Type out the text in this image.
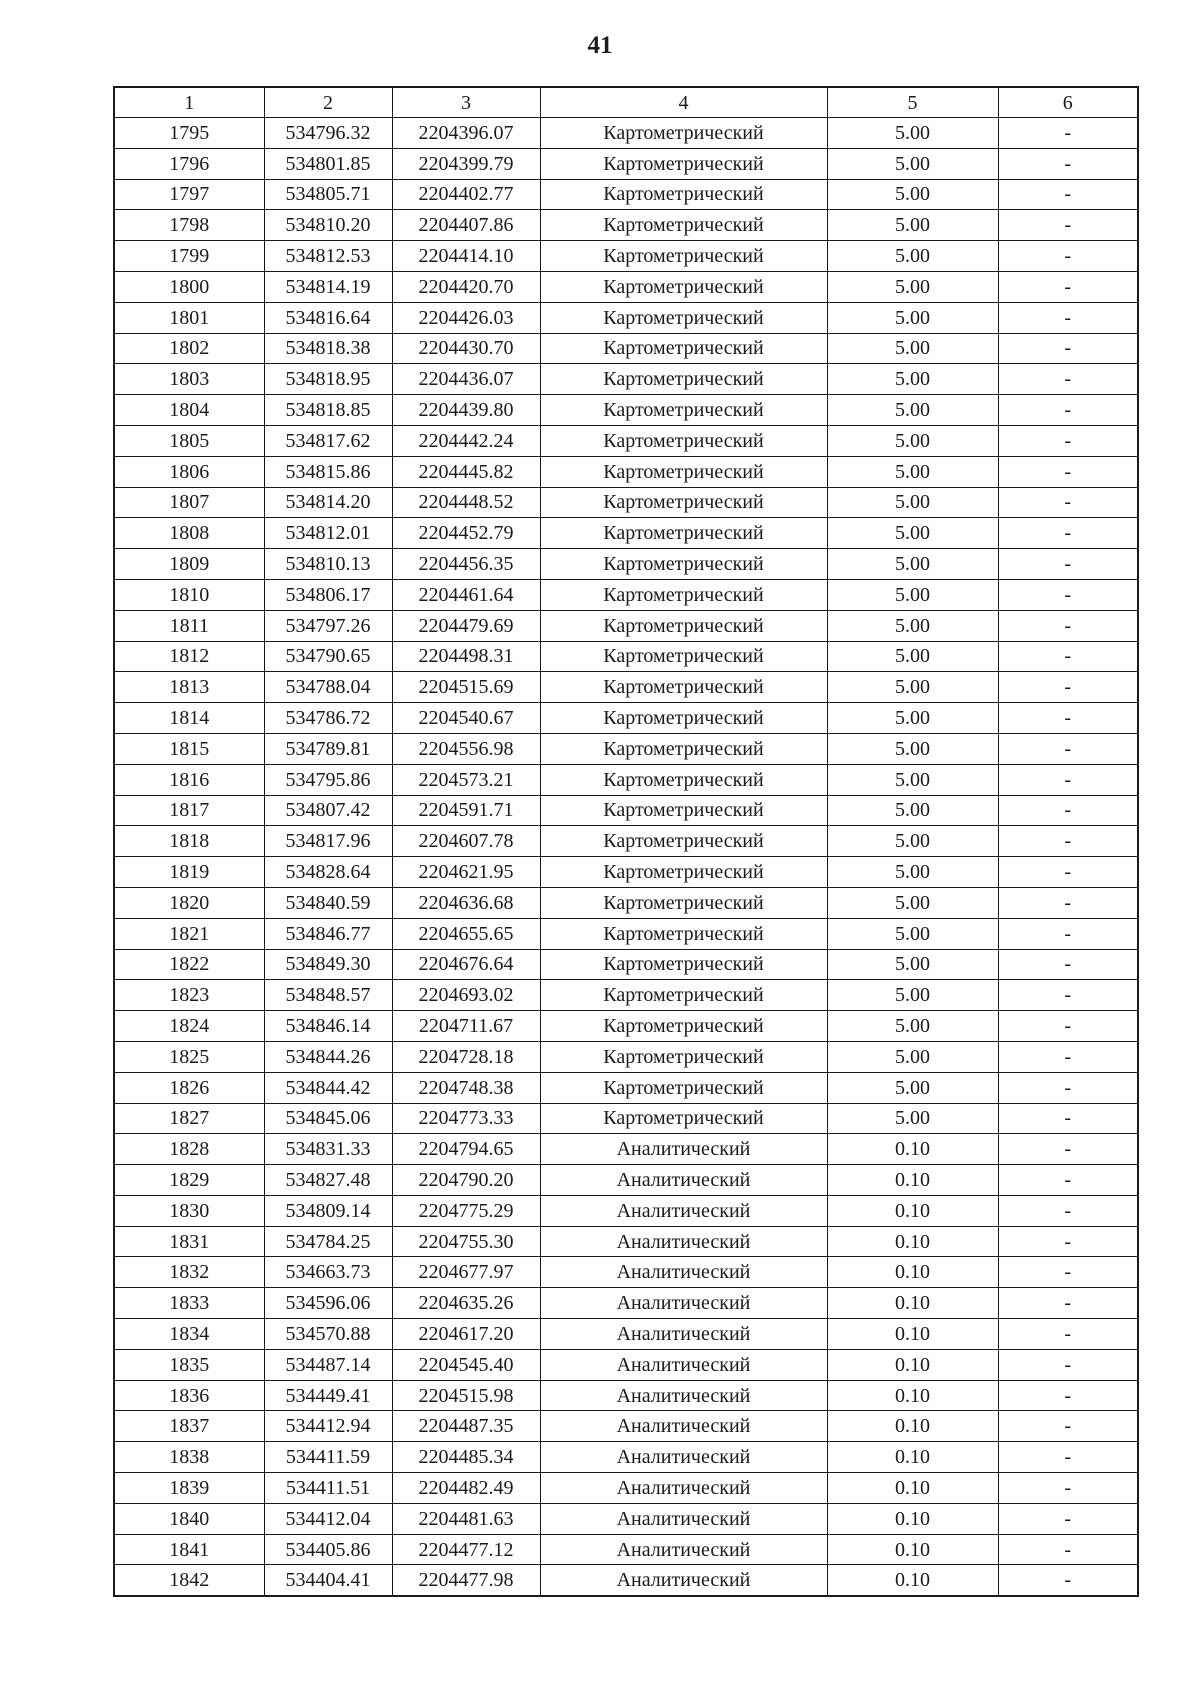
41
1	2	3	4	5	6
1795	534796.32	2204396.07	Картометрический	5.00	-
1796	534801.85	2204399.79	Картометрический	5.00	-
1797	534805.71	2204402.77	Картометрический	5.00	-
1798	534810.20	2204407.86	Картометрический	5.00	-
1799	534812.53	2204414.10	Картометрический	5.00	-
1800	534814.19	2204420.70	Картометрический	5.00	-
1801	534816.64	2204426.03	Картометрический	5.00	-
1802	534818.38	2204430.70	Картометрический	5.00	-
1803	534818.95	2204436.07	Картометрический	5.00	-
1804	534818.85	2204439.80	Картометрический	5.00	-
1805	534817.62	2204442.24	Картометрический	5.00	-
1806	534815.86	2204445.82	Картометрический	5.00	-
1807	534814.20	2204448.52	Картометрический	5.00	-
1808	534812.01	2204452.79	Картометрический	5.00	-
1809	534810.13	2204456.35	Картометрический	5.00	-
1810	534806.17	2204461.64	Картометрический	5.00	-
1811	534797.26	2204479.69	Картометрический	5.00	-
1812	534790.65	2204498.31	Картометрический	5.00	-
1813	534788.04	2204515.69	Картометрический	5.00	-
1814	534786.72	2204540.67	Картометрический	5.00	-
1815	534789.81	2204556.98	Картометрический	5.00	-
1816	534795.86	2204573.21	Картометрический	5.00	-
1817	534807.42	2204591.71	Картометрический	5.00	-
1818	534817.96	2204607.78	Картометрический	5.00	-
1819	534828.64	2204621.95	Картометрический	5.00	-
1820	534840.59	2204636.68	Картометрический	5.00	-
1821	534846.77	2204655.65	Картометрический	5.00	-
1822	534849.30	2204676.64	Картометрический	5.00	-
1823	534848.57	2204693.02	Картометрический	5.00	-
1824	534846.14	2204711.67	Картометрический	5.00	-
1825	534844.26	2204728.18	Картометрический	5.00	-
1826	534844.42	2204748.38	Картометрический	5.00	-
1827	534845.06	2204773.33	Картометрический	5.00	-
1828	534831.33	2204794.65	Аналитический	0.10	-
1829	534827.48	2204790.20	Аналитический	0.10	-
1830	534809.14	2204775.29	Аналитический	0.10	-
1831	534784.25	2204755.30	Аналитический	0.10	-
1832	534663.73	2204677.97	Аналитический	0.10	-
1833	534596.06	2204635.26	Аналитический	0.10	-
1834	534570.88	2204617.20	Аналитический	0.10	-
1835	534487.14	2204545.40	Аналитический	0.10	-
1836	534449.41	2204515.98	Аналитический	0.10	-
1837	534412.94	2204487.35	Аналитический	0.10	-
1838	534411.59	2204485.34	Аналитический	0.10	-
1839	534411.51	2204482.49	Аналитический	0.10	-
1840	534412.04	2204481.63	Аналитический	0.10	-
1841	534405.86	2204477.12	Аналитический	0.10	-
1842	534404.41	2204477.98	Аналитический	0.10	-
